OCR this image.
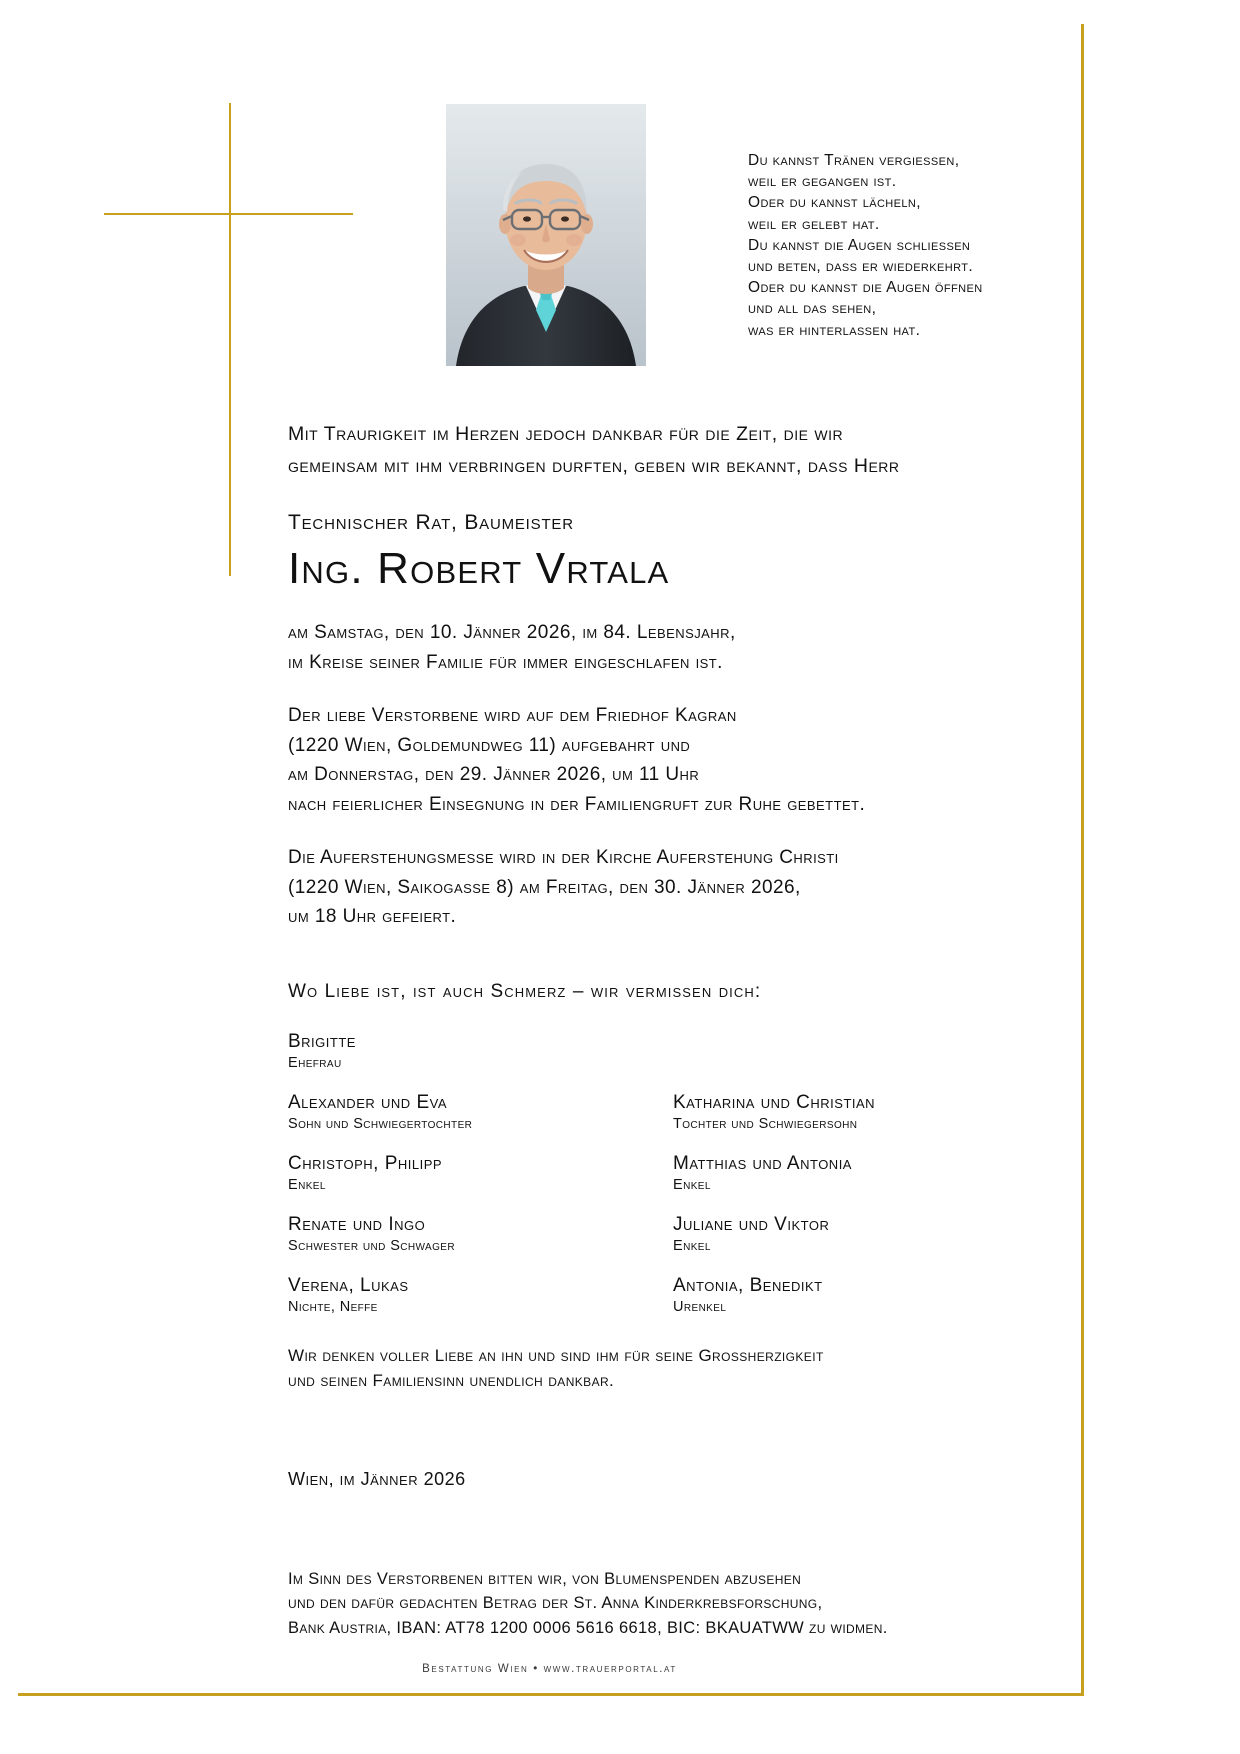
Du kannst Tränen vergiessen,
weil er gegangen ist.
Oder du kannst lächeln,
weil er gelebt hat.
Du kannst die Augen schliessen
und beten, dass er wiederkehrt.
Oder du kannst die Augen öffnen
und all das sehen,
was er hinterlassen hat.
Mit Traurigkeit im Herzen jedoch dankbar für die Zeit, die wir
gemeinsam mit ihm verbringen durften, geben wir bekannt, dass Herr
Technischer Rat, Baumeister
Ing. Robert Vrtala
am Samstag, den 10. Jänner 2026, im 84. Lebensjahr,
im Kreise seiner Familie für immer eingeschlafen ist.
Der liebe Verstorbene wird auf dem Friedhof Kagran
(1220 Wien, Goldemundweg 11) aufgebahrt und
am Donnerstag, den 29. Jänner 2026, um 11 Uhr
nach feierlicher Einsegnung in der Familiengruft zur Ruhe gebettet.
Die Auferstehungsmesse wird in der Kirche Auferstehung Christi
(1220 Wien, Saikogasse 8) am Freitag, den 30. Jänner 2026,
um 18 Uhr gefeiert.
Wo Liebe ist, ist auch Schmerz – wir vermissen dich:
Brigitte
Ehefrau
Alexander und Eva
Sohn und Schwiegertochter
Katharina und Christian
Tochter und Schwiegersohn
Christoph, Philipp
Enkel
Matthias und Antonia
Enkel
Renate und Ingo
Schwester und Schwager
Juliane und Viktor
Enkel
Verena, Lukas
Nichte, Neffe
Antonia, Benedikt
Urenkel
Wir denken voller Liebe an ihn und sind ihm für seine Grossherzigkeit
und seinen Familiensinn unendlich dankbar.
Wien, im Jänner 2026
Im Sinn des Verstorbenen bitten wir, von Blumenspenden abzusehen
und den dafür gedachten Betrag der St. Anna Kinderkrebsforschung,
Bank Austria, IBAN: AT78 1200 0006 5616 6618, BIC: BKAUATWW zu widmen.
Bestattung Wien • www.trauerportal.at
